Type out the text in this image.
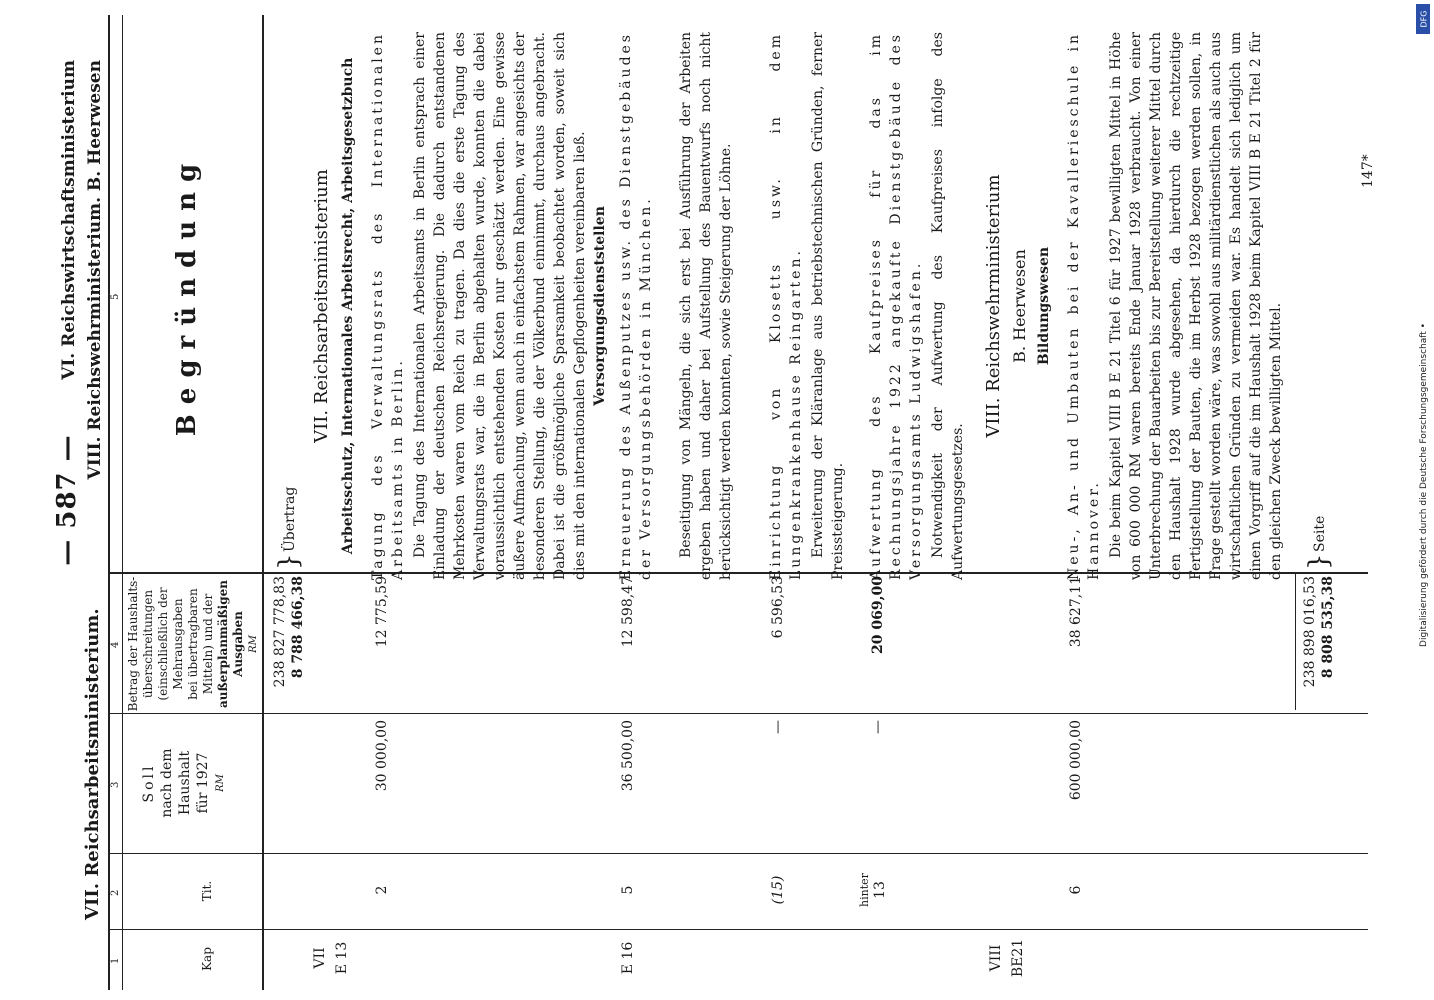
— 587 —
VII. Reichsarbeitsministerium.
VI. Reichswirtschaftsministerium VIII. Reichswehrministerium. B. Heerwesen
1
2
3
4
5
Kap
Tit.
Soll nach dem Haushalt für 1927 RM
Betrag der Haushalts- überschreitungen (einschließlich der Mehrausgaben bei übertragbaren Mitteln) und der außerplanmäßigen Ausgaben RM
Begründung
238 827 778,83 8 788 466,38
}
Übertrag
VII. Reichsarbeitsministerium Arbeitsschutz, Internationales Arbeitsrecht, Arbeitsgesetzbuch
VII E 13
2
30 000,00
12 775,59
Tagung des Verwaltungsrats des Internationalen Arbeitsamts in Berlin. Die Tagung des Internationalen Arbeitsamts in Berlin entsprach einer Einladung der deutschen Reichsregierung. Die dadurch entstandenen Mehrkosten waren vom Reich zu tragen. Da dies die erste Tagung des Verwaltungsrats war, die in Berlin abgehalten wurde, konnten die dabei voraussichtlich entstehenden Kosten nur geschätzt werden. Eine gewisse äußere Aufmachung, wenn auch in einfachstem Rahmen, war angesichts der besonderen Stellung, die der Völkerbund einnimmt, durchaus angebracht. Dabei ist die größtmögliche Sparsamkeit beobachtet worden, soweit sich dies mit den internationalen Gepflogenheiten vereinbaren ließ. Versorgungsdienststellen
E 16
5
36 500,00
12 598,47
Erneuerung des Außenputzes usw. des Dienstgebäudes der Versorgungsbehörden in München. Beseitigung von Mängeln, die sich erst bei Ausführung der Arbeiten ergeben haben und daher bei Aufstellung des Bauentwurfs noch nicht berücksichtigt werden konnten, sowie Steigerung der Löhne.
(15)
—
6 596,53
Einrichtung von Klosetts usw. in dem Lungenkrankenhause Reingarten. Erweiterung der Kläranlage aus betriebstechnischen Gründen, ferner Preissteigerung.
hinter 13
—
20 069,00
Aufwertung des Kaufpreises für das im Rechnungsjahre 1922 angekaufte Dienstgebäude des Versorgungsamts Ludwigshafen. Notwendigkeit der Aufwertung des Kaufpreises infolge des Aufwertungsgesetzes.
VIII. Reichswehrministerium B. Heerwesen Bildungswesen
VIII BE21
6
600 000,00
38 627,11
Neu-, An- und Umbauten bei der Kavallerieschule in Hannover. Die beim Kapitel VIII B E 21 Titel 6 für 1927 bewilligten Mittel in Höhe von 600 000 RM waren bereits Ende Januar 1928 verbraucht. Von einer Unterbrechung der Bauarbeiten bis zur Bereitstellung weiterer Mittel durch den Haushalt 1928 wurde abgesehen, da hierdurch die rechtzeitige Fertigstellung der Bauten, die im Herbst 1928 bezogen werden sollen, in Frage gestellt worden wäre, was sowohl aus militärdienstlichen als auch aus wirtschaftlichen Gründen zu vermeiden war. Es handelt sich lediglich um einen Vorgriff auf die im Haushalt 1928 beim Kapitel VIII B E 21 Titel 2 für den gleichen Zweck bewilligten Mittel.
238 898 016,53 8 808 535,38
}
Seite
147*
DFG
Digitalisierung gefördert durch die Deutsche Forschungsgemeinschaft •
